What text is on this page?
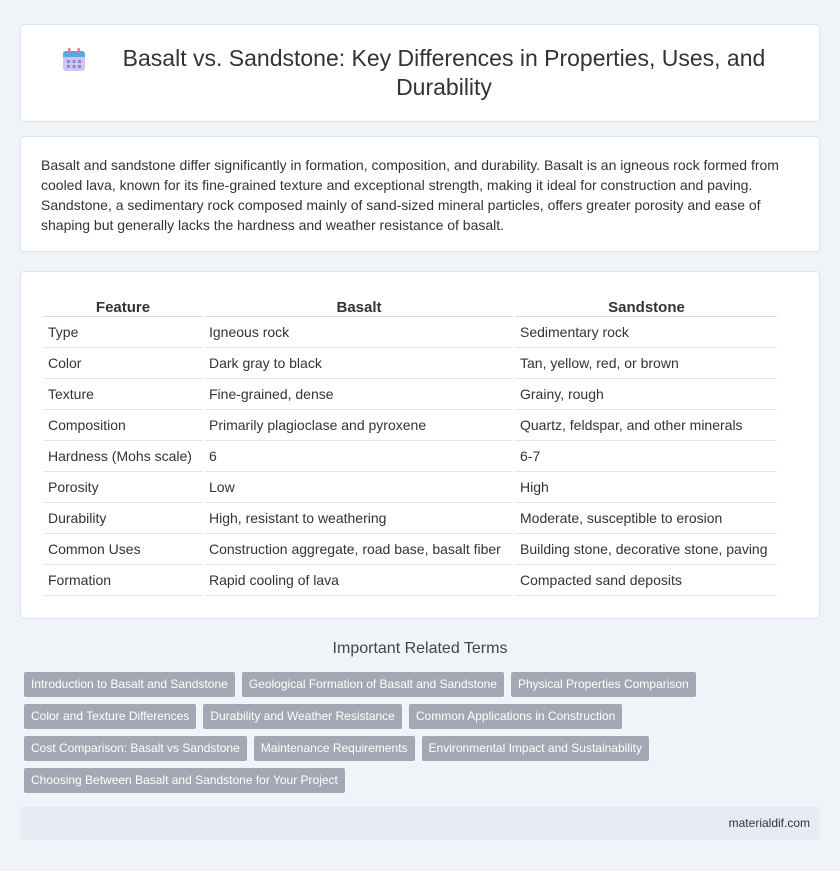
Basalt vs. Sandstone: Key Differences in Properties, Uses, and Durability

Basalt and sandstone differ significantly in formation, composition, and durability. Basalt is an igneous rock formed from cooled lava, known for its fine-grained texture and exceptional strength, making it ideal for construction and paving. Sandstone, a sedimentary rock composed mainly of sand-sized mineral particles, offers greater porosity and ease of shaping but generally lacks the hardness and weather resistance of basalt.

Feature	Basalt	Sandstone
Type	Igneous rock	Sedimentary rock
Color	Dark gray to black	Tan, yellow, red, or brown
Texture	Fine-grained, dense	Grainy, rough
Composition	Primarily plagioclase and pyroxene	Quartz, feldspar, and other minerals
Hardness (Mohs scale)	6	6-7
Porosity	Low	High
Durability	High, resistant to weathering	Moderate, susceptible to erosion
Common Uses	Construction aggregate, road base, basalt fiber	Building stone, decorative stone, paving
Formation	Rapid cooling of lava	Compacted sand deposits
Important Related Terms
Introduction to Basalt and Sandstone	Geological Formation of Basalt and Sandstone	Physical Properties Comparison
Color and Texture Differences	Durability and Weather Resistance	Common Applications in Construction
Cost Comparison: Basalt vs Sandstone	Maintenance Requirements	Environmental Impact and Sustainability
Choosing Between Basalt and Sandstone for Your Project
materialdif.com
